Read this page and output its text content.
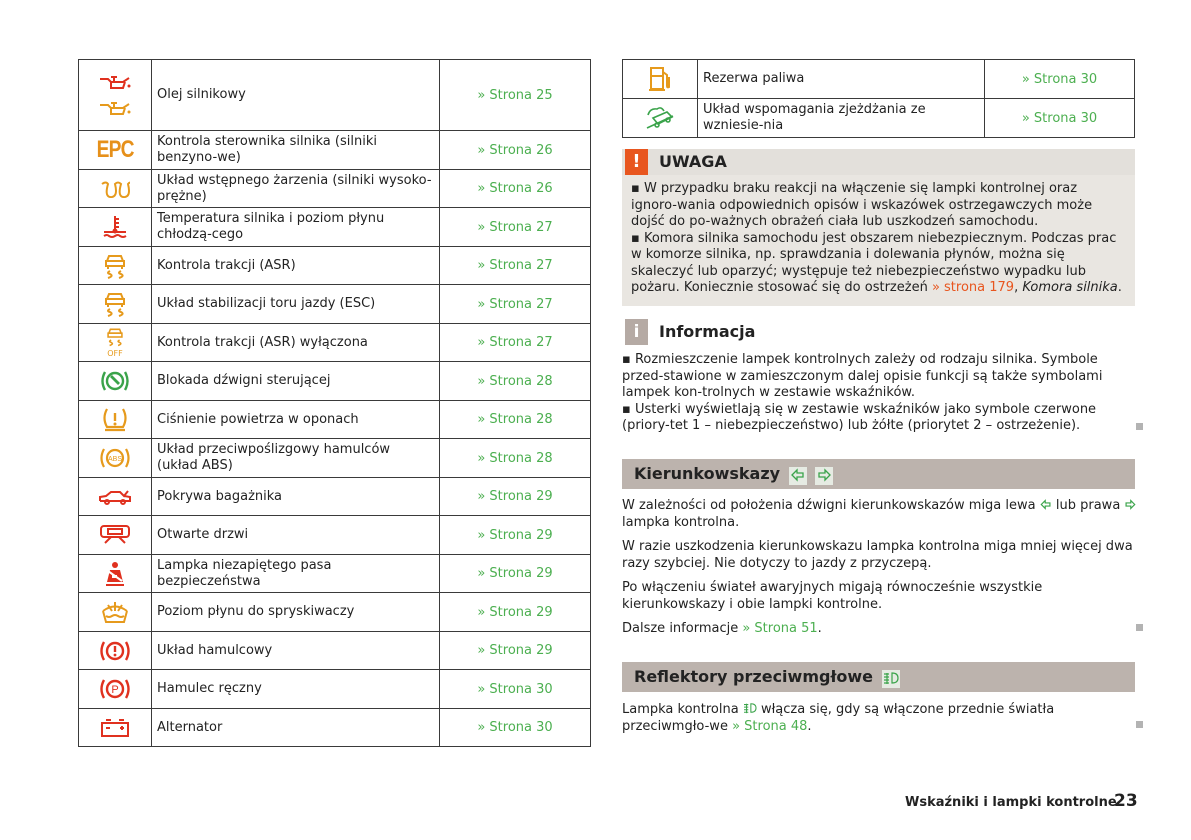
	Olej silnikowy	» Strona 25
EPC	Kontrola sterownika silnika (silniki benzyno-we)	» Strona 26
	Układ wstępnego żarzenia (silniki wysoko-prężne)	» Strona 26
	Temperatura silnika i poziom płynu chłodzą-cego	» Strona 27
	Kontrola trakcji (ASR)	» Strona 27
	Układ stabilizacji toru jazdy (ESC)	» Strona 27

OFF	Kontrola trakcji (ASR) wyłączona	» Strona 27
	Blokada dźwigni sterującej	» Strona 28
	Ciśnienie powietrza w oponach	» Strona 28

ABS	Układ przeciwpoślizgowy hamulców (układ ABS)	» Strona 28
	Pokrywa bagażnika	» Strona 29
	Otwarte drzwi	» Strona 29
	Lampka niezapiętego pasa bezpieczeństwa	» Strona 29
	Poziom płynu do spryskiwaczy	» Strona 29
	Układ hamulcowy	» Strona 29

P	Hamulec ręczny	» Strona 30
	Alternator	» Strona 30
	Rezerwa paliwa	» Strona 30
	Układ wspomagania zjeżdżania ze wzniesie-nia	» Strona 30
!	UWAGA
▪ W przypadku braku reakcji na włączenie się lampki kontrolnej oraz ignoro-wania odpowiednich opisów i wskazówek ostrzegawczych może dojść do po-ważnych obrażeń ciała lub uszkodzeń samochodu.
▪ Komora silnika samochodu jest obszarem niebezpiecznym. Podczas prac w komorze silnika, np. sprawdzania i dolewania płynów, można się skaleczyć lub oparzyć; występuje też niebezpieczeństwo wypadku lub pożaru. Koniecznie stosować się do ostrzeżeń » strona 179, Komora silnika.
i	Informacja
▪ Rozmieszczenie lampek kontrolnych zależy od rodzaju silnika. Symbole przed-stawione w zamieszczonym dalej opisie funkcji są także symbolami lampek kon-trolnych w zestawie wskaźników.
▪ Usterki wyświetlają się w zestawie wskaźników jako symbole czerwone (priory-tet 1 – niebezpieczeństwo) lub żółte (priorytet 2 – ostrzeżenie).
Kierunkowskazy
W zależności od położenia dźwigni kierunkowskazów miga lewa  lub prawa
lampka kontrolna.
W razie uszkodzenia kierunkowskazu lampka kontrolna miga mniej więcej dwa razy szybciej. Nie dotyczy to jazdy z przyczepą.
Po włączeniu świateł awaryjnych migają równocześnie wszystkie kierunkowskazy i obie lampki kontrolne.
Dalsze informacje » Strona 51.
Reflektory przeciwmgłowe
Lampka kontrolna  włącza się, gdy są włączone przednie światła przeciwmgło-we » Strona 48.
Wskaźniki i lampki kontrolne
23
